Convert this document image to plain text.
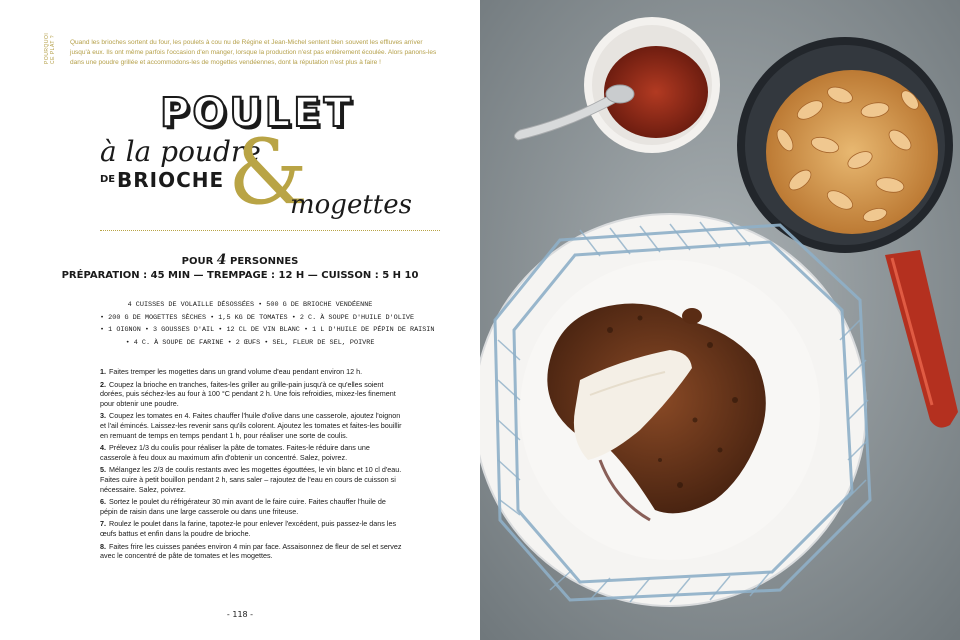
POURQUOI CE PLAT ? Quand les brioches sortent du four, les poulets à cou nu de Régine et Jean-Michel sentent bien souvent les effluves arriver jusqu'à eux. Ils ont même parfois l'occasion d'en manger, lorsque la production n'est pas entièrement écoulée. Alors panons-les dans une poudre grillée et accommodons-les de mogettes vendéennes, dont la réputation n'est plus à faire !
POULET
à la poudre
DE BRIOCHE &
mogettes
POUR 4 PERSONNES
PRÉPARATION : 45 MIN — TREMPAGE : 12 H — CUISSON : 5 H 10
4 CUISSES DE VOLAILLE DÉSOSSÉES • 500 G DE BRIOCHE VENDÉENNE
• 200 G DE MOGETTES SÈCHES • 1,5 KG DE TOMATES • 2 C. À SOUPE D'HUILE D'OLIVE
• 1 OIGNON • 3 GOUSSES D'AIL • 12 CL DE VIN BLANC • 1 L D'HUILE DE PÉPIN DE RAISIN
• 4 C. À SOUPE DE FARINE • 2 ŒUFS • SEL, FLEUR DE SEL, POIVRE
1. Faites tremper les mogettes dans un grand volume d'eau pendant environ 12 h.
2. Coupez la brioche en tranches, faites-les griller au grille-pain jusqu'à ce qu'elles soient dorées, puis séchez-les au four à 100 °C pendant 2 h. Une fois refroidies, mixez-les finement pour obtenir une poudre.
3. Coupez les tomates en 4. Faites chauffer l'huile d'olive dans une casserole, ajoutez l'oignon et l'ail émincés. Laissez-les revenir sans qu'ils colorent. Ajoutez les tomates et faites-les bouillir en remuant de temps en temps pendant 1 h, pour réaliser une sorte de coulis.
4. Prélevez 1/3 du coulis pour réaliser la pâte de tomates. Faites-le réduire dans une casserole à feu doux au maximum afin d'obtenir un concentré. Salez, poivrez.
5. Mélangez les 2/3 de coulis restants avec les mogettes égouttées, le vin blanc et 10 cl d'eau. Faites cuire à petit bouillon pendant 2 h, sans saler – rajoutez de l'eau en cours de cuisson si nécessaire. Salez, poivrez.
6. Sortez le poulet du réfrigérateur 30 min avant de le faire cuire. Faites chauffer l'huile de pépin de raisin dans une large casserole ou dans une friteuse.
7. Roulez le poulet dans la farine, tapotez-le pour enlever l'excédent, puis passez-le dans les œufs battus et enfin dans la poudre de brioche.
8. Faites frire les cuisses panées environ 4 min par face. Assaisonnez de fleur de sel et servez avec le concentré de pâte de tomates et les mogettes.
- 118 -
